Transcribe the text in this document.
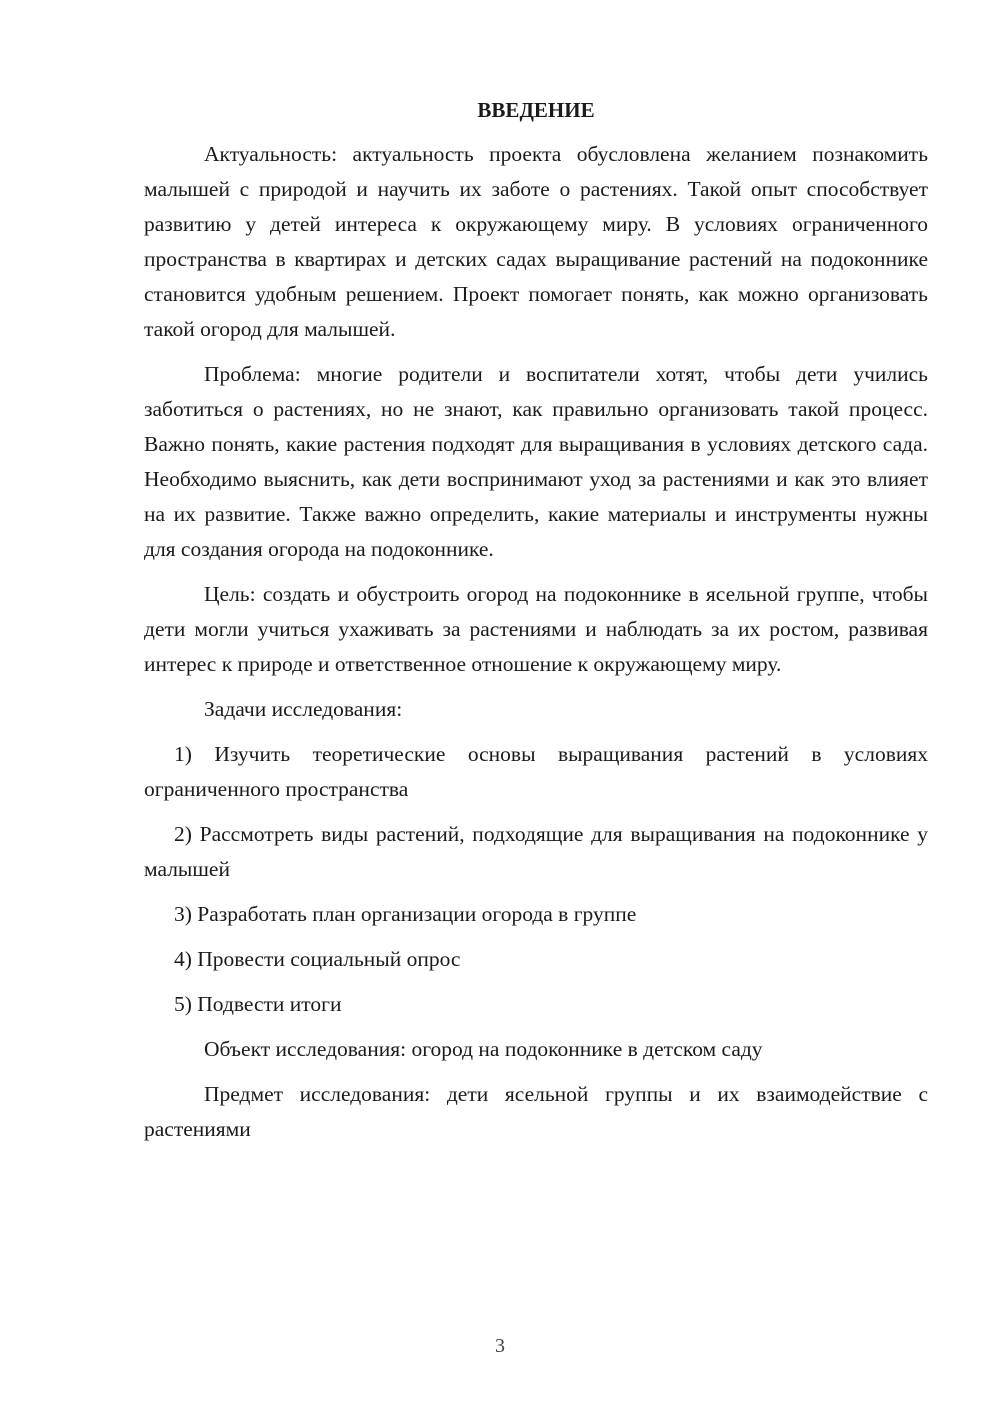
ВВЕДЕНИЕ

Актуальность: актуальность проекта обусловлена желанием познакомить малышей с природой и научить их заботе о растениях. Такой опыт способствует развитию у детей интереса к окружающему миру. В условиях ограниченного пространства в квартирах и детских садах выращивание растений на подоконнике становится удобным решением. Проект помогает понять, как можно организовать такой огород для малышей.

Проблема: многие родители и воспитатели хотят, чтобы дети учились заботиться о растениях, но не знают, как правильно организовать такой процесс. Важно понять, какие растения подходят для выращивания в условиях детского сада. Необходимо выяснить, как дети воспринимают уход за растениями и как это влияет на их развитие. Также важно определить, какие материалы и инструменты нужны для создания огорода на подоконнике.

Цель: создать и обустроить огород на подоконнике в ясельной группе, чтобы дети могли учиться ухаживать за растениями и наблюдать за их ростом, развивая интерес к природе и ответственное отношение к окружающему миру.

Задачи исследования:

1) Изучить теоретические основы выращивания растений в условиях ограниченного пространства

2) Рассмотреть виды растений, подходящие для выращивания на подоконнике у малышей

3) Разработать план организации огорода в группе

4) Провести социальный опрос

5) Подвести итоги

Объект исследования: огород на подоконнике в детском саду

Предмет исследования: дети ясельной группы и их взаимодействие с растениями

3
